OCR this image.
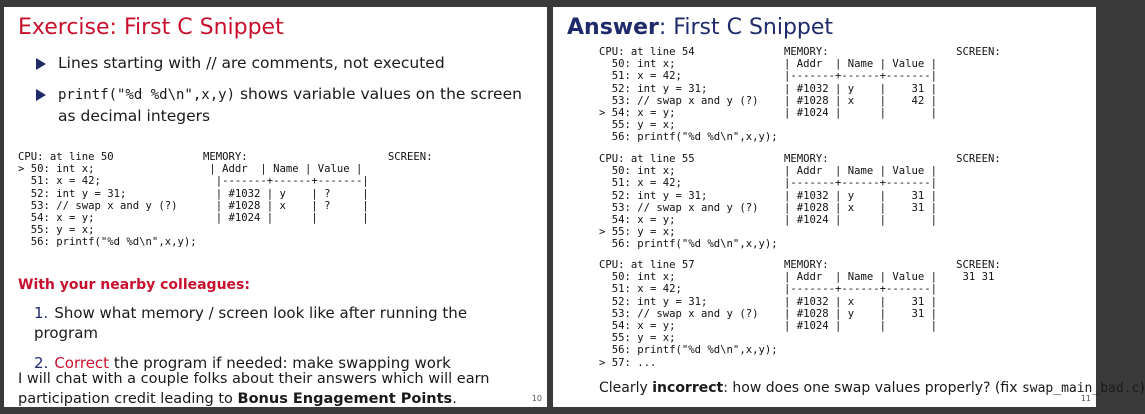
Exercise: First C Snippet
Lines starting with // are comments, not executed
printf("%d %d\n",x,y) shows variable values on the screen as decimal integers
CPU: at line 50              MEMORY:                      SCREEN:
> 50: int x;                  | Addr  | Name | Value |
51: x = 42;                  |-------+------+-------|
52: int y = 31;              | #1032 | y    | ?     |
53: // swap x and y (?)      | #1028 | x    | ?     |
54: x = y;                   | #1024 |      |       |
55: y = x;
56: printf("%d %d\n",x,y);
With your nearby colleagues:
1. Show what memory / screen look like after running the program
2. Correct the program if needed: make swapping work
I will chat with a couple folks about their answers which will earn participation credit leading to Bonus Engagement Points.	10
Answer: First C Snippet
CPU: at line 54              MEMORY:                    SCREEN:
50: int x;                 | Addr  | Name | Value |
51: x = 42;                |-------+------+-------|
52: int y = 31;            | #1032 | y    |    31 |
53: // swap x and y (?)    | #1028 | x    |    42 |
> 54: x = y;                 | #1024 |      |       |
55: y = x;
56: printf("%d %d\n",x,y);
CPU: at line 55              MEMORY:                    SCREEN:
50: int x;                 | Addr  | Name | Value |
51: x = 42;                |-------+------+-------|
52: int y = 31;            | #1032 | y    |    31 |
53: // swap x and y (?)    | #1028 | x    |    31 |
54: x = y;                 | #1024 |      |       |
> 55: y = x;
56: printf("%d %d\n",x,y);
CPU: at line 57              MEMORY:                    SCREEN:
50: int x;                 | Addr  | Name | Value |    31 31
51: x = 42;                |-------+------+-------|
52: int y = 31;            | #1032 | x    |    31 |
53: // swap x and y (?)    | #1028 | y    |    31 |
54: x = y;                 | #1024 |      |       |
55: y = x;
56: printf("%d %d\n",x,y);
> 57: ...
Clearly incorrect: how does one swap values properly? (fix swap_main_bad.c)
11
